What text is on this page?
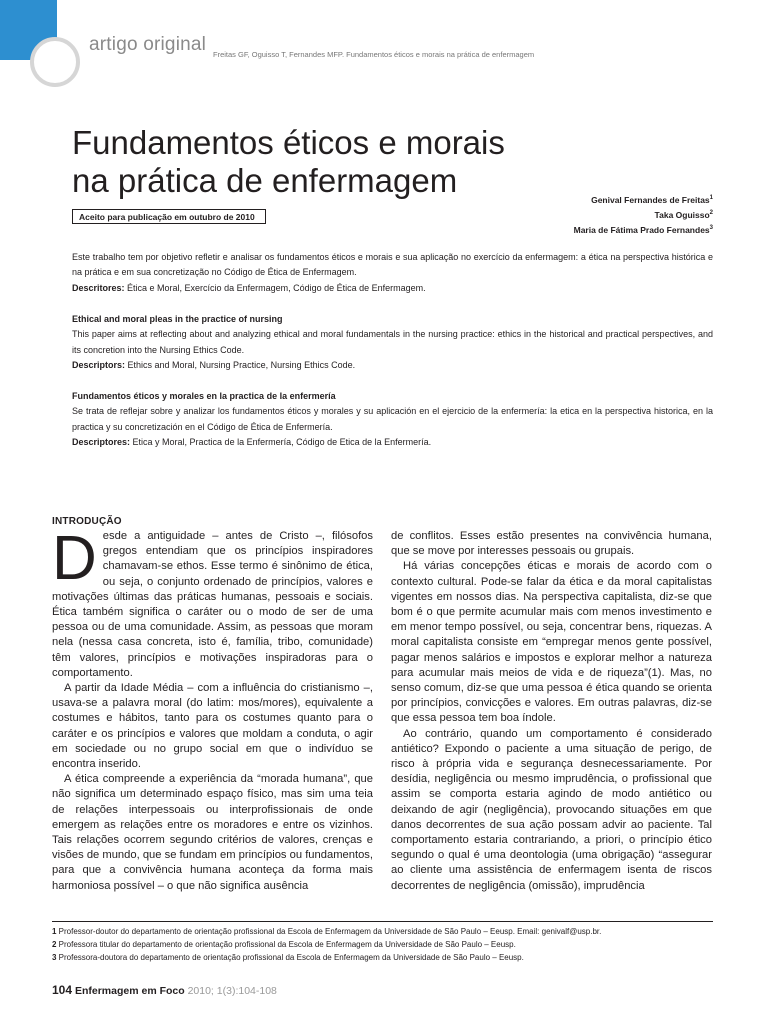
artigo original Freitas GF, Oguisso T, Fernandes MFP. Fundamentos éticos e morais na prática de enfermagem
Fundamentos éticos e morais
na prática de enfermagem
Aceito para publicação em outubro de 2010
Genival Fernandes de Freitas$^1$
Taka Oguisso$^2$
Maria de Fátima Prado Fernandes$^3$

Este trabalho tem por objetivo refletir e analisar os fundamentos éticos e morais e sua aplicação no exercício da enfermagem: a ética na perspectiva histórica e na prática e em sua concretização no Código de Ética de Enfermagem.

Descritores: Ética e Moral, Exercício da Enfermagem, Código de Ética de Enfermagem.

Ethical and moral pleas in the practice of nursing

This paper aims at reflecting about and analyzing ethical and moral fundamentals in the nursing practice: ethics in the historical and practical perspectives, and its concretion into the Nursing Ethics Code.

Descriptors: Ethics and Moral, Nursing Practice, Nursing Ethics Code.

Fundamentos éticos y morales en la practica de la enfermería

Se trata de reflejar sobre y analizar los fundamentos éticos y morales y su aplicación en el ejercicio de la enfermería: la etica en la perspectiva historica, en la practica y su concretización en el Código de Ética de Enfermería.

Descriptores: Etica y Moral, Practica de la Enfermería, Código de Etica de la Enfermería.

INTRODUÇÃO

Desde a antiguidade – antes de Cristo –, filósofos gregos entendiam que os princípios inspiradores chamavam-se ethos. Esse termo é sinônimo de ética, ou seja, o conjunto ordenado de princípios, valores e motivações últimas das práticas humanas, pessoais e sociais. Ética também significa o caráter ou o modo de ser de uma pessoa ou de uma comunidade. Assim, as pessoas que moram nela (nessa casa concreta, isto é, família, tribo, comunidade) têm valores, princípios e motivações inspiradoras para o comportamento.

A partir da Idade Média – com a influência do cristianismo –, usava-se a palavra moral (do latim: mos/mores), equivalente a costumes e hábitos, tanto para os costumes quanto para o caráter e os princípios e valores que moldam a conduta, o agir em sociedade ou no grupo social em que o indivíduo se encontra inserido.

A ética compreende a experiência da “morada humana”, que não significa um determinado espaço físico, mas sim uma teia de relações interpessoais ou interprofissionais de onde emergem as relações entre os moradores e entre os vizinhos. Tais relações ocorrem segundo critérios de valores, crenças e visões de mundo, que se fundam em princípios ou fundamentos, para que a convivência humana aconteça da forma mais harmoniosa possível – o que não significa ausência

de conflitos. Esses estão presentes na convivência humana, que se move por interesses pessoais ou grupais.

Há várias concepções éticas e morais de acordo com o contexto cultural. Pode-se falar da ética e da moral capitalistas vigentes em nossos dias. Na perspectiva capitalista, diz-se que bom é o que permite acumular mais com menos investimento e em menor tempo possível, ou seja, concentrar bens, riquezas. A moral capitalista consiste em “empregar menos gente possível, pagar menos salários e impostos e explorar melhor a natureza para acumular mais meios de vida e de riqueza”(1). Mas, no senso comum, diz-se que uma pessoa é ética quando se orienta por princípios, convicções e valores. Em outras palavras, diz-se que essa pessoa tem boa índole.

Ao contrário, quando um comportamento é considerado antiético? Expondo o paciente a uma situação de perigo, de risco à própria vida e segurança desnecessariamente. Por desídia, negligência ou mesmo imprudência, o profissional que assim se comporta estaria agindo de modo antiético ou deixando de agir (negligência), provocando situações em que danos decorrentes de sua ação possam advir ao paciente. Tal comportamento estaria contrariando, a priori, o princípio ético segundo o qual é uma deontologia (uma obrigação) “assegurar ao cliente uma assistência de enfermagem isenta de riscos decorrentes de negligência (omissão), imprudência

1 Professor-doutor do departamento de orientação profissional da Escola de Enfermagem da Universidade de São Paulo – Eeusp. Email: genivalf@usp.br.
2 Professora titular do departamento de orientação profissional da Escola de Enfermagem da Universidade de São Paulo – Eeusp.
3 Professora-doutora do departamento de orientação profissional da Escola de Enfermagem da Universidade de São Paulo – Eeusp.
104 Enfermagem em Foco 2010; 1(3):104-108
